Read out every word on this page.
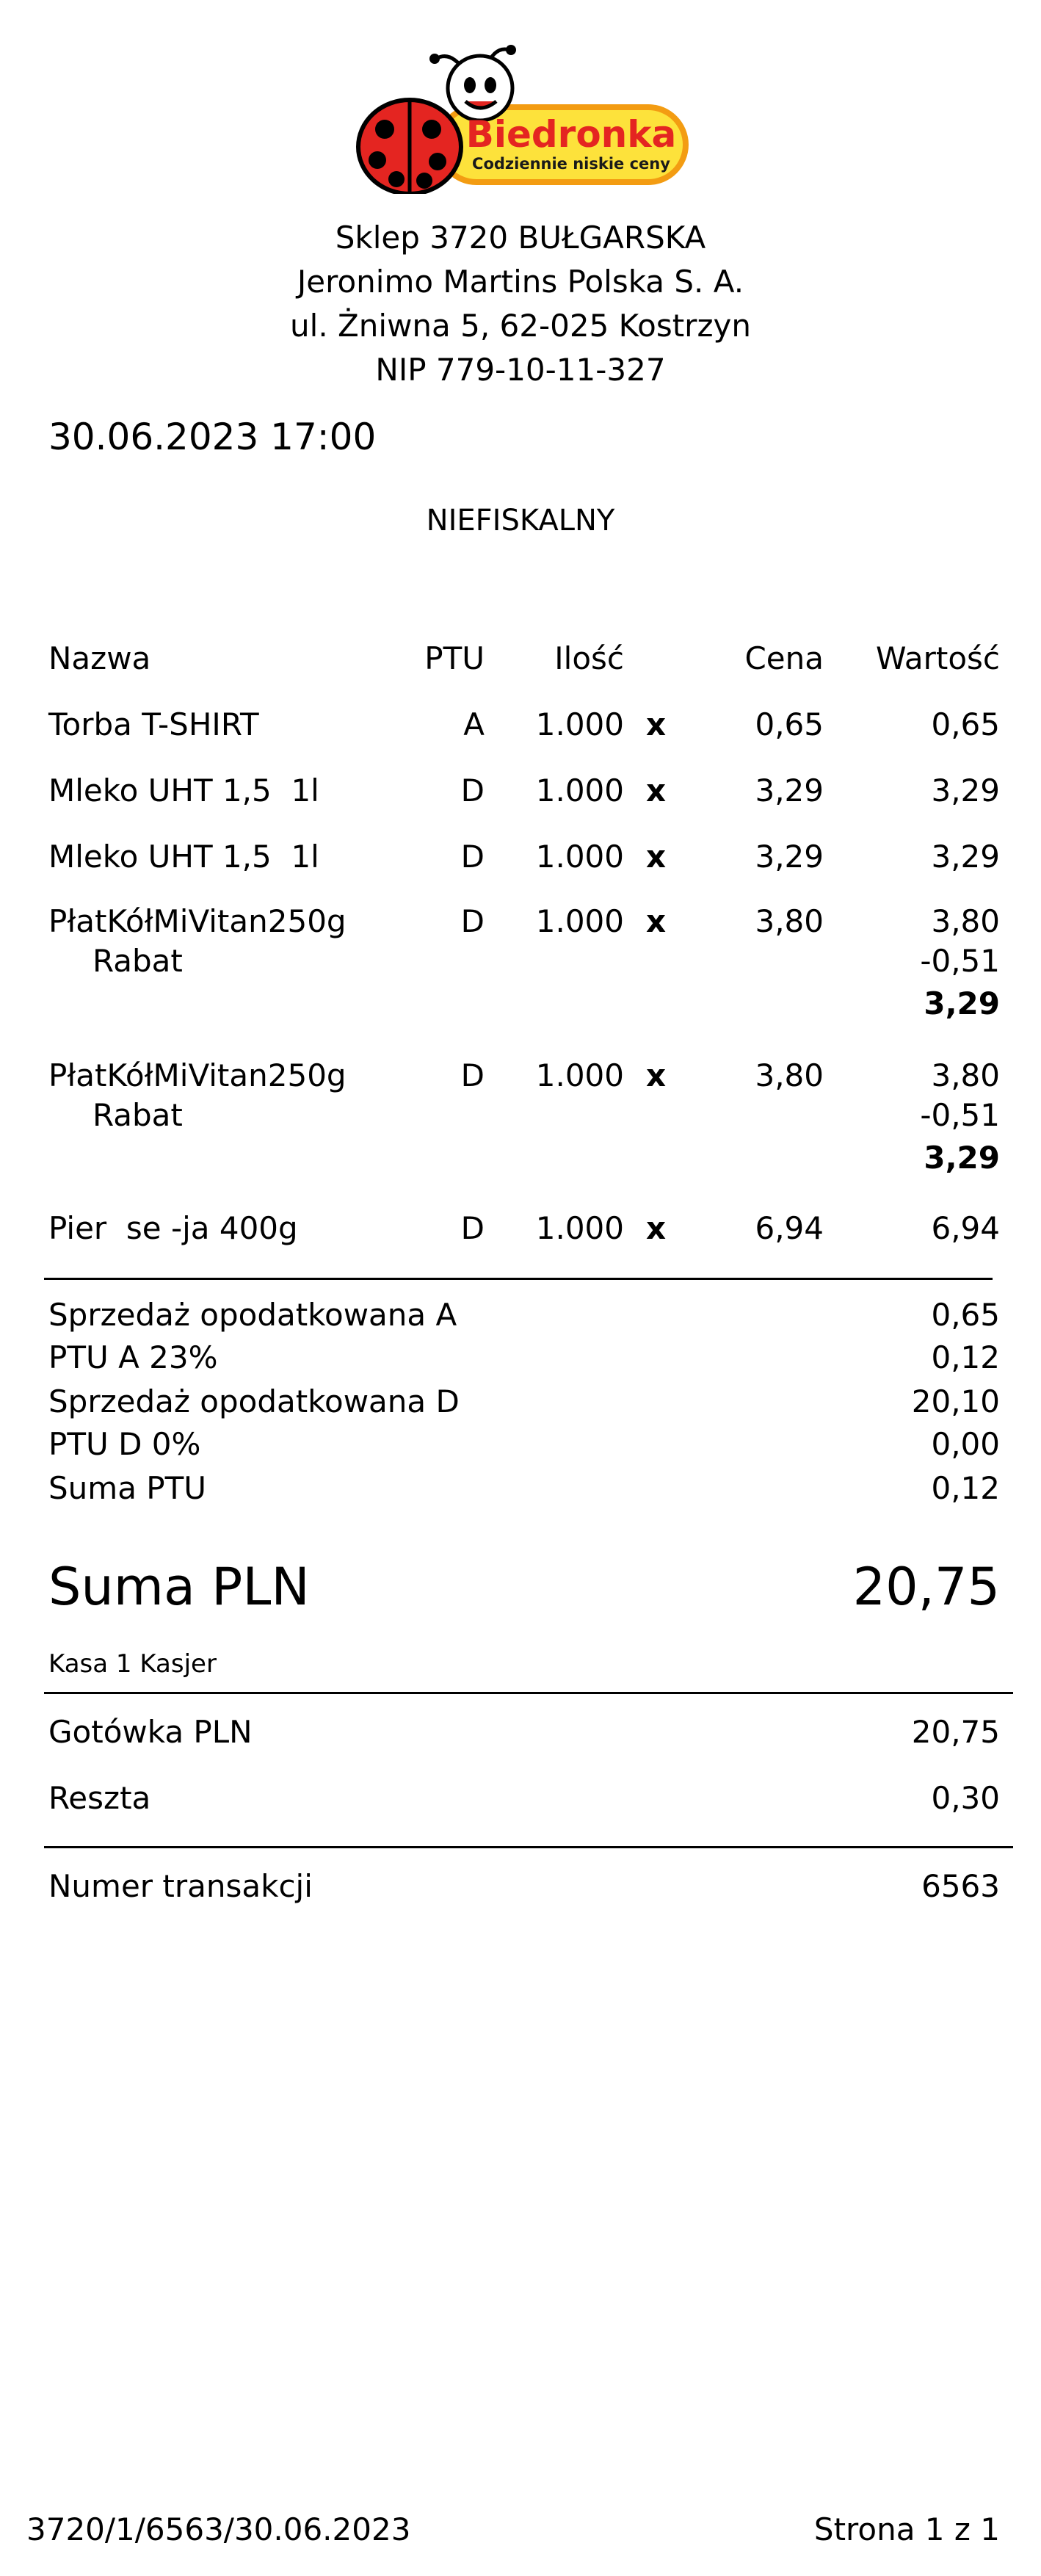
Biedronka
Codziennie niskie ceny
Sklep 3720 BUŁGARSKA
Jeronimo Martins Polska S. A.
ul. Żniwna 5, 62-025 Kostrzyn
NIP 779-10-11-327
30.06.2023 17:00
NIEFISKALNY
Nazwa	PTU Ilość	Cena Wartość
Torba T-SHIRT	A 1.000 x	0,65	0,65
Mleko UHT 1,5  1l	D 1.000 x	3,29	3,29
Mleko UHT 1,5  1l	D 1.000 x	3,29	3,29
PłatKółMiVitan250g	D 1.000 x	3,80	3,80
Rabat	-0,51
3,29
PłatKółMiVitan250g	D 1.000 x	3,80	3,80
Rabat	-0,51
3,29
Pier  se -ja 400g	D 1.000 x	6,94	6,94
Sprzedaż opodatkowana A	0,65
PTU A 23%	0,12
Sprzedaż opodatkowana D	20,10
PTU D 0%	0,00
Suma PTU	0,12
Suma PLN	20,75
Kasa 1 Kasjer
Gotówka PLN	20,75
Reszta	0,30
Numer transakcji	6563
3720/1/6563/30.06.2023	Strona 1 z 1
